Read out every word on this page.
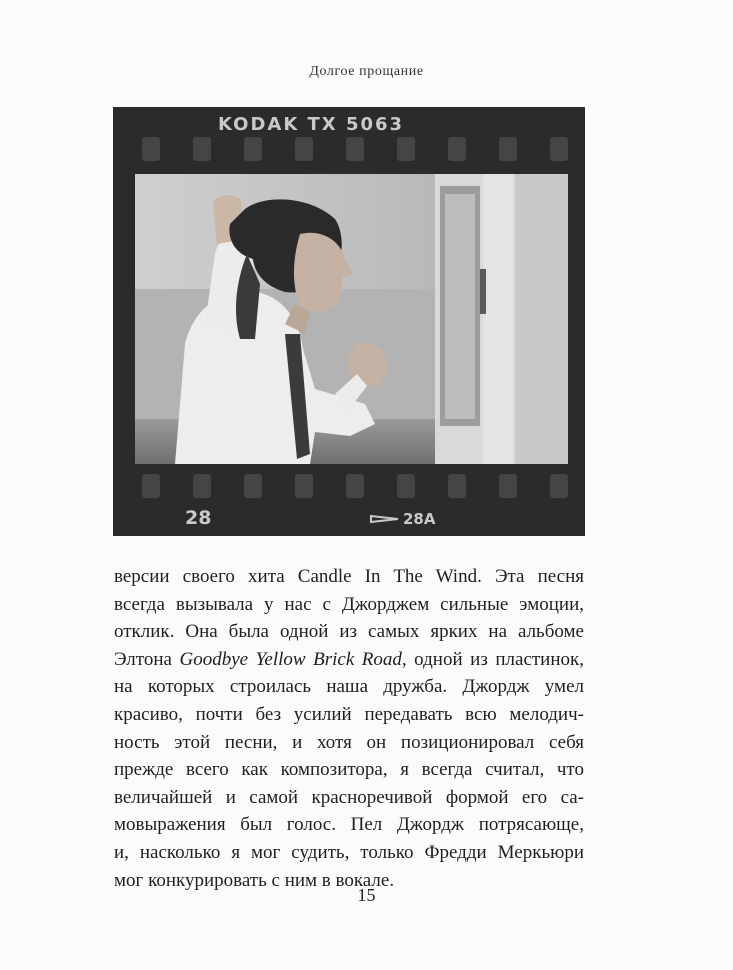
Долгое прощание
KODAK TX 5063
28	28A
версии своего хита Candle In The Wind. Эта песня
всегда вызывала у нас с Джорджем сильные эмоции,
отклик. Она была одной из самых ярких на альбоме
Элтона Goodbye Yellow Brick Road, одной из пластинок,
на которых строилась наша дружба. Джордж умел
красиво, почти без усилий передавать всю мелодич-
ность этой песни, и хотя он позиционировал себя
прежде всего как композитора, я всегда считал, что
величайшей и самой красноречивой формой его са-
мовыражения был голос. Пел Джордж потрясающе,
и, насколько я мог судить, только Фредди Меркьюри
мог конкурировать с ним в вокале.
15
